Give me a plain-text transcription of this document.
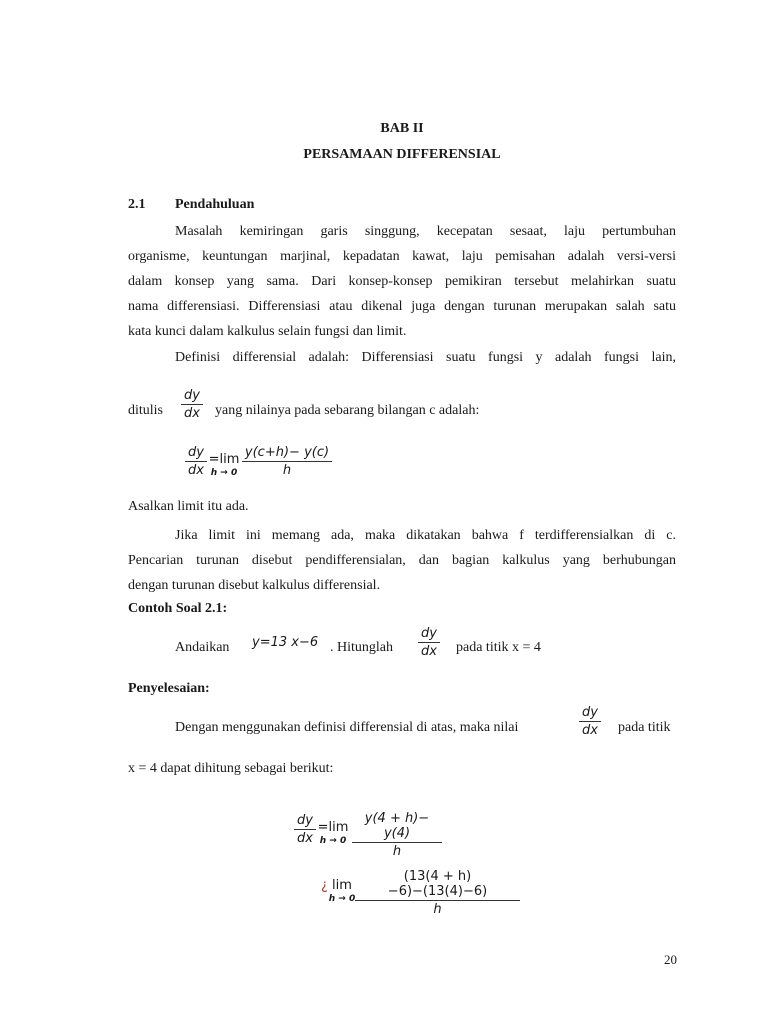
BAB II
PERSAMAAN DIFFERENSIAL
2.1 Pendahuluan
Masalah kemiringan garis singgung, kecepatan sesaat, laju pertumbuhan
organisme, keuntungan marjinal, kepadatan kawat, laju pemisahan adalah versi-versi
dalam konsep yang sama. Dari konsep-konsep pemikiran tersebut melahirkan suatu
nama differensiasi. Differensiasi atau dikenal juga dengan turunan merupakan salah satu
kata kunci dalam kalkulus selain fungsi dan limit.
Definisi differensial adalah: Differensiasi suatu fungsi y adalah fungsi lain,
ditulis
dy
dx yang nilainya pada sebarang bilangan c adalah:
dy
dx
=lim
h → 0
y(c+h)− y(c)
h
Asalkan limit itu ada.
Jika limit ini memang ada, maka dikatakan bahwa f terdifferensialkan di c.
Pencarian turunan disebut pendifferensialan, dan bagian kalkulus yang berhubungan
dengan turunan disebut kalkulus differensial.
Contoh Soal 2.1:
Andaikan y=13 x−6 . Hitunglah
dy
dx pada titik x = 4
Penyelesaian:
Dengan menggunakan definisi differensial di atas, maka nilai
dy
dx pada titik
x = 4 dapat dihitung sebagai berikut:
dy
dx
=lim
h → 0
y(4 + h)− y(4)
h
¿ lim
h → 0
(13(4 + h)−6)−(13(4)−6)
h
20
